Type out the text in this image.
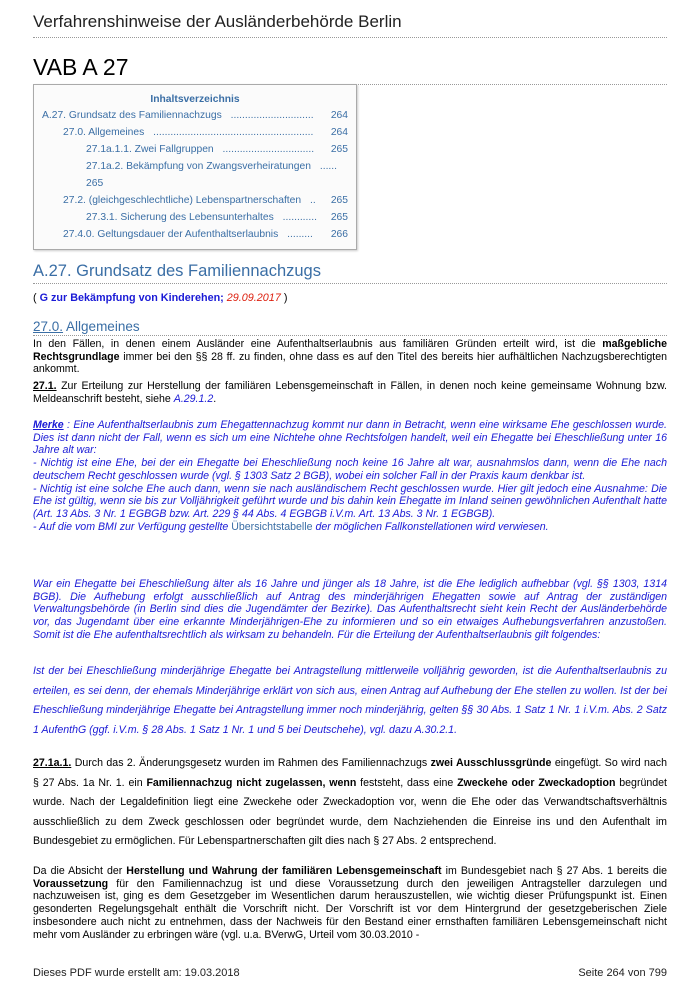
Verfahrenshinweise der Ausländerbehörde Berlin
VAB A 27
Inhaltsverzeichnis
A.27. Grundsatz des Familiennachzugs ............................. 264
27.0. Allgemeines ........................................................ 264
27.1a.1.1. Zwei Fallgruppen ................................ 265
27.1a.2. Bekämpfung von Zwangsverheiratungen ......
265
27.2. (gleichgeschlechtliche) Lebenspartnerschaften .. 265
27.3.1. Sicherung des Lebensunterhaltes ............ 265
27.4.0. Geltungsdauer der Aufenthaltserlaubnis ......... 266
A.27. Grundsatz des Familiennachzugs
( G zur Bekämpfung von Kinderehen; 29.09.2017 )
27.0. Allgemeines
In den Fällen, in denen einem Ausländer eine Aufenthaltserlaubnis aus familiären Gründen erteilt wird, ist die maßgebliche Rechtsgrundlage immer bei den §§ 28 ff. zu finden, ohne dass es auf den Titel des bereits hier aufhältlichen Nachzugsberechtigten ankommt.
27.1. Zur Erteilung zur Herstellung der familiären Lebensgemeinschaft in Fällen, in denen noch keine gemeinsame Wohnung bzw. Meldeanschrift besteht, siehe A.29.1.2.
Merke : Eine Aufenthaltserlaubnis zum Ehegattennachzug kommt nur dann in Betracht, wenn eine wirksame Ehe geschlossen wurde. Dies ist dann nicht der Fall, wenn es sich um eine Nichtehe ohne Rechtsfolgen handelt, weil ein Ehegatte bei Eheschließung unter 16 Jahre alt war:
- Nichtig ist eine Ehe, bei der ein Ehegatte bei Eheschließung noch keine 16 Jahre alt war, ausnahmslos dann, wenn die Ehe nach deutschem Recht geschlossen wurde (vgl. § 1303 Satz 2 BGB), wobei ein solcher Fall in der Praxis kaum denkbar ist.
- Nichtig ist eine solche Ehe auch dann, wenn sie nach ausländischem Recht geschlossen wurde. Hier gilt jedoch eine Ausnahme: Die Ehe ist gültig, wenn sie bis zur Volljährigkeit geführt wurde und bis dahin kein Ehegatte im Inland seinen gewöhnlichen Aufenthalt hatte (Art. 13 Abs. 3 Nr. 1 EGBGB bzw. Art. 229 § 44 Abs. 4 EGBGB i.V.m. Art. 13 Abs. 3 Nr. 1 EGBGB).
- Auf die vom BMI zur Verfügung gestellte Übersichtstabelle der möglichen Fallkonstellationen wird verwiesen.
War ein Ehegatte bei Eheschließung älter als 16 Jahre und jünger als 18 Jahre, ist die Ehe lediglich aufhebbar (vgl. §§ 1303, 1314 BGB). Die Aufhebung erfolgt ausschließlich auf Antrag des minderjährigen Ehegatten sowie auf Antrag der zuständigen Verwaltungsbehörde (in Berlin sind dies die Jugendämter der Bezirke). Das Aufenthaltsrecht sieht kein Recht der Ausländerbehörde vor, das Jugendamt über eine erkannte Minderjährigen-Ehe zu informieren und so ein etwaiges Aufhebungsverfahren anzustoßen. Somit ist die Ehe aufenthaltsrechtlich als wirksam zu behandeln. Für die Erteilung der Aufenthaltserlaubnis gilt folgendes:
Ist der bei Eheschließung minderjährige Ehegatte bei Antragstellung mittlerweile volljährig geworden, ist die Aufenthaltserlaubnis zu erteilen, es sei denn, der ehemals Minderjährige erklärt von sich aus, einen Antrag auf Aufhebung der Ehe stellen zu wollen. Ist der bei Eheschließung minderjährige Ehegatte bei Antragstellung immer noch minderjährig, gelten §§ 30 Abs. 1 Satz 1 Nr. 1 i.V.m. Abs. 2 Satz 1 AufenthG (ggf. i.V.m. § 28 Abs. 1 Satz 1 Nr. 1 und 5 bei Deutschehe), vgl. dazu A.30.2.1.
27.1a.1. Durch das 2. Änderungsgesetz wurden im Rahmen des Familiennachzugs zwei Ausschlussgründe eingefügt. So wird nach § 27 Abs. 1a Nr. 1. ein Familiennachzug nicht zugelassen, wenn feststeht, dass eine Zweckehe oder Zweckadoption begründet wurde. Nach der Legaldefinition liegt eine Zweckehe oder Zweckadoption vor, wenn die Ehe oder das Verwandtschaftsverhältnis ausschließlich zu dem Zweck geschlossen oder begründet wurde, dem Nachziehenden die Einreise ins und den Aufenthalt im Bundesgebiet zu ermöglichen. Für Lebenspartnerschaften gilt dies nach § 27 Abs. 2 entsprechend.
Da die Absicht der Herstellung und Wahrung der familiären Lebensgemeinschaft im Bundesgebiet nach § 27 Abs. 1 bereits die Voraussetzung für den Familiennachzug ist und diese Voraussetzung durch den jeweiligen Antragsteller darzulegen und nachzuweisen ist, ging es dem Gesetzgeber im Wesentlichen darum herauszustellen, wie wichtig dieser Prüfungspunkt ist. Einen gesonderten Regelungsgehalt enthält die Vorschrift nicht. Der Vorschrift ist vor dem Hintergrund der gesetzgeberischen Ziele insbesondere auch nicht zu entnehmen, dass der Nachweis für den Bestand einer ernsthaften familiären Lebensgemeinschaft nicht mehr vom Ausländer zu erbringen wäre (vgl. u.a. BVerwG, Urteil vom 30.03.2010 -
Dieses PDF wurde erstellt am: 19.03.2018	Seite 264 von 799
